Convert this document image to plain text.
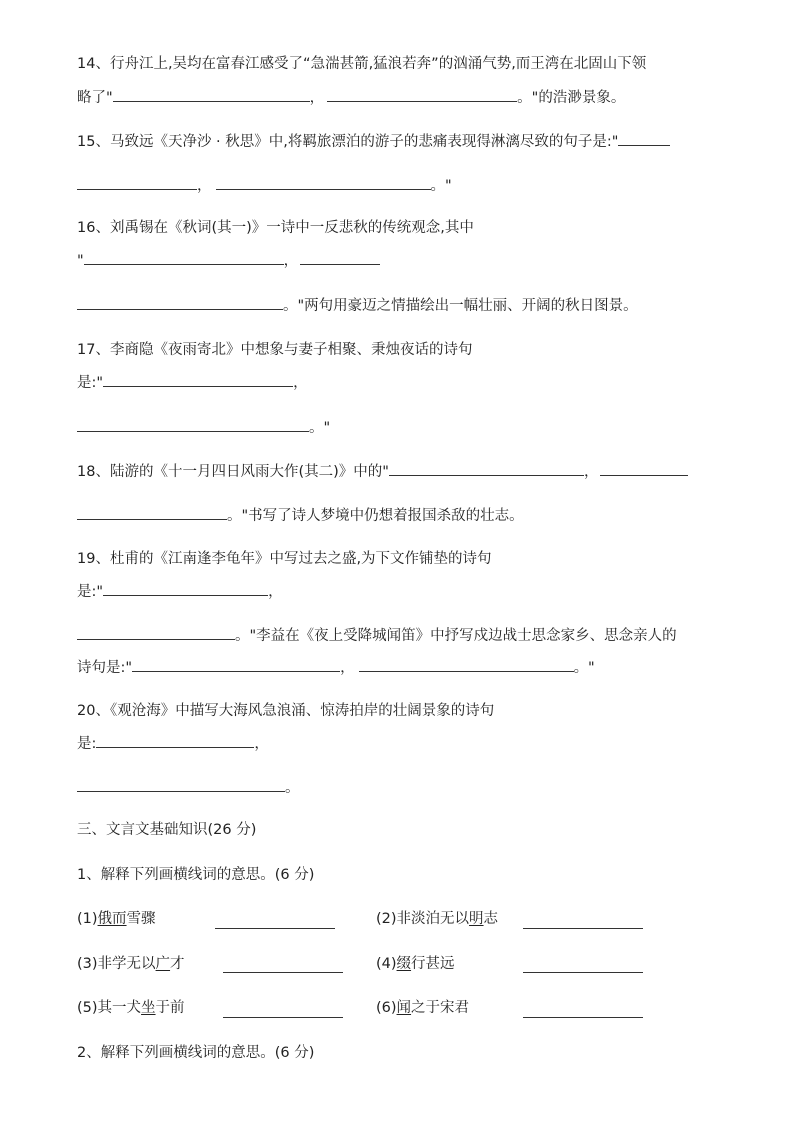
14、行舟江上,吴均在富春江感受了“急湍甚箭,猛浪若奔”的汹涌气势,而王湾在北固山下领
略了"	，	。"的浩渺景象。
15、马致远《天净沙 · 秋思》中,将羁旅漂泊的游子的悲痛表现得淋漓尽致的句子是:"
，	。"
16、刘禹锡在《秋词(其一)》一诗中一反悲秋的传统观念,其中
"	，
。"两句用豪迈之情描绘出一幅壮丽、开阔的秋日图景。
17、李商隐《夜雨寄北》中想象与妻子相聚、秉烛夜话的诗句
是:"	，
。"
18、陆游的《十一月四日风雨大作(其二)》中的"	，
。"书写了诗人梦境中仍想着报国杀敌的壮志。
19、杜甫的《江南逢李龟年》中写过去之盛,为下文作铺垫的诗句
是:"	，
。"李益在《夜上受降城闻笛》中抒写戍边战士思念家乡、思念亲人的
诗句是:"	，	。"
20、《观沧海》中描写大海风急浪涌、惊涛拍岸的壮阔景象的诗句
是:	，
。
三、文言文基础知识(26 分)
1、解释下列画横线词的意思。(6 分)
(1)俄而雪骤	(2)非淡泊无以明志
(3)非学无以广才	(4)缀行甚远
(5)其一犬坐于前	(6)闻之于宋君
2、解释下列画横线词的意思。(6 分)
